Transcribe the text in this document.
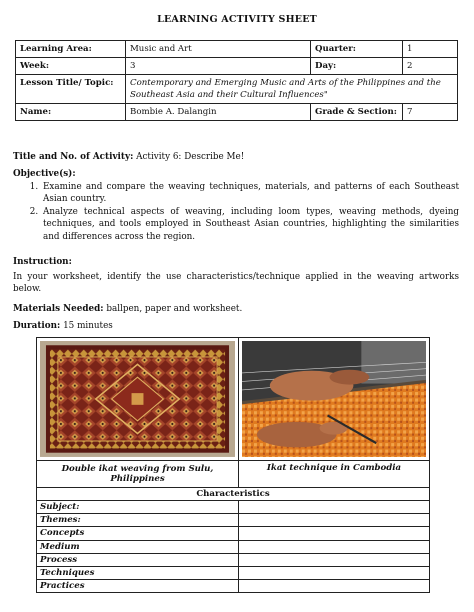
LEARNING ACTIVITY SHEET
Learning Area:	Music and Art	Quarter:	1
Week:	3	Day:	2
Lesson Title/ Topic:	Contemporary and Emerging Music and Arts of the Philippines and the Southeast Asia and their Cultural Influences"		
Name:	Bombie A. Dalangin	Grade & Section:	7
Title and No. of Activity: Activity 6: Describe Me!
Objective(s):
1. Examine and compare the weaving techniques, materials, and patterns of each Southeast Asian country.
2. Analyze technical aspects of weaving, including loom types, weaving methods, dyeing techniques, and tools employed in Southeast Asian countries, highlighting the similarities and differences across the region.
Instruction:
In your worksheet, identify the use characteristics/technique applied in the weaving artworks below.
Materials Needed: ballpen, paper and worksheet.
Duration: 15 minutes

Double ikat weaving from Sulu, Philippines	Ikat technique in Cambodia
Characteristics	
Subject:	
Themes:	
Concepts	
Medium	
Process	
Techniques	
Practices	
